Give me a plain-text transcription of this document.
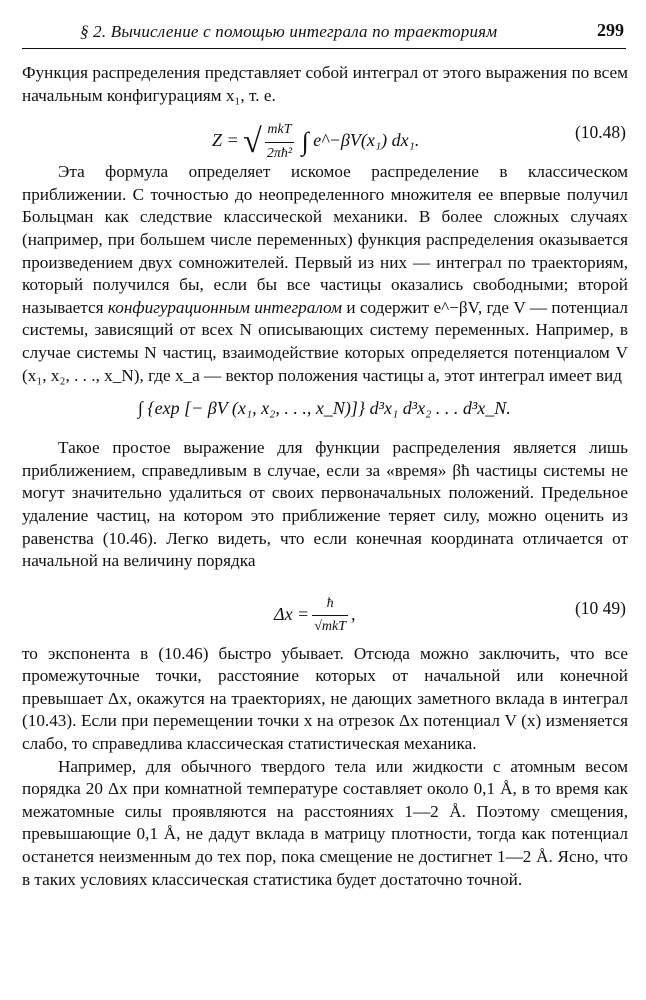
§ 2. Вычисление с помощью интеграла по траекториям	299

Функция распределения представляет собой интеграл от этого выражения по всем начальным конфигурациям x₁, т. е.

Z = √ $\frac{\text{mkT}}{\text{2πħ²}}$ ∫ e^−βV(x₁) dx₁.	(10.48)

Эта формула определяет искомое распределение в классическом приближении. С точностью до неопределенного множителя ее впервые получил Больцман как следствие классической механики. В более сложных случаях (например, при большем числе переменных) функция распределения оказывается произведением двух сомножителей. Первый из них — интеграл по траекториям, который получился бы, если бы все частицы оказались свободными; второй называется конфигурационным интегралом и содержит e^−βV, где V — потенциал системы, зависящий от всех N описывающих систему переменных. Например, в случае системы N частиц, взаимодействие которых определяется потенциалом V (x₁, x₂, . . ., x_N), где x_a — вектор положения частицы a, этот интеграл имеет вид

∫ {exp [− βV (x₁, x₂, . . ., x_N)]} d³x₁ d³x₂ . . . d³x_N.

Такое простое выражение для функции распределения является лишь приближением, справедливым в случае, если за «время» βħ частицы системы не могут значительно удалиться от своих первоначальных положений. Предельное удаление частиц, на котором это приближение теряет силу, можно оценить из равенства (10.46). Легко видеть, что если конечная координата отличается от начальной на величину порядка

$\Delta x = \frac{ħ}{\text{√mkT}}$ ,	(10 49)

то экспонента в (10.46) быстро убывает. Отсюда можно заключить, что все промежуточные точки, расстояние которых от начальной или конечной превышает Δx, окажутся на траекториях, не дающих заметного вклада в интеграл (10.43). Если при перемещении точки x на отрезок Δx потенциал V (x) изменяется слабо, то справедлива классическая статистическая механика.

Например, для обычного твердого тела или жидкости с атомным весом порядка 20 Δx при комнатной температуре составляет около 0,1 Å, в то время как межатомные силы проявляются на расстояниях 1—2 Å. Поэтому смещения, превышающие 0,1 Å, не дадут вклада в матрицу плотности, тогда как потенциал останется неизменным до тех пор, пока смещение не достигнет 1—2 Å. Ясно, что в таких условиях классическая статистика будет достаточно точной.
